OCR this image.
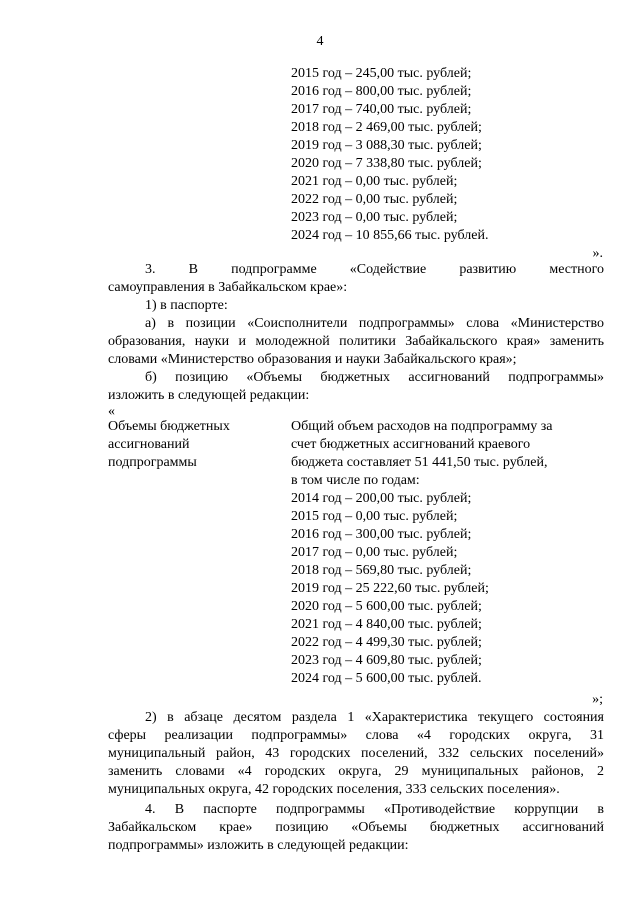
4
2015 год – 245,00 тыс. рублей;
2016 год – 800,00 тыс. рублей;
2017 год – 740,00 тыс. рублей;
2018 год – 2 469,00 тыс. рублей;
2019 год – 3 088,30 тыс. рублей;
2020 год – 7 338,80 тыс. рублей;
2021 год – 0,00 тыс. рублей;
2022 год – 0,00 тыс. рублей;
2023 год – 0,00 тыс. рублей;
2024 год – 10 855,66 тыс. рублей.
».
3. В подпрограмме «Содействие развитию местного
самоуправления в Забайкальском крае»:
1) в паспорте:
а) в позиции «Соисполнители подпрограммы» слова «Министерство
образования, науки и молодежной политики Забайкальского края» заменить
словами «Министерство образования и науки Забайкальского края»;
б) позицию «Объемы бюджетных ассигнований подпрограммы»
изложить в следующей редакции:
«
Объемы бюджетных
ассигнований
подпрограммы
Общий объем расходов на подпрограмму за
счет бюджетных ассигнований краевого
бюджета составляет 51 441,50 тыс. рублей,
в том числе по годам:
2014 год – 200,00 тыс. рублей;
2015 год – 0,00 тыс. рублей;
2016 год – 300,00 тыс. рублей;
2017 год – 0,00 тыс. рублей;
2018 год – 569,80 тыс. рублей;
2019 год – 25 222,60 тыс. рублей;
2020 год – 5 600,00 тыс. рублей;
2021 год – 4 840,00 тыс. рублей;
2022 год – 4 499,30 тыс. рублей;
2023 год – 4 609,80 тыс. рублей;
2024 год – 5 600,00 тыс. рублей.
»;
2) в абзаце десятом раздела 1 «Характеристика текущего состояния
сферы реализации подпрограммы» слова «4 городских округа, 31
муниципальный район, 43 городских поселений, 332 сельских поселений»
заменить словами «4 городских округа, 29 муниципальных районов, 2
муниципальных округа, 42 городских поселения, 333 сельских поселения».
4. В паспорте подпрограммы «Противодействие коррупции в
Забайкальском крае» позицию «Объемы бюджетных ассигнований
подпрограммы» изложить в следующей редакции:
